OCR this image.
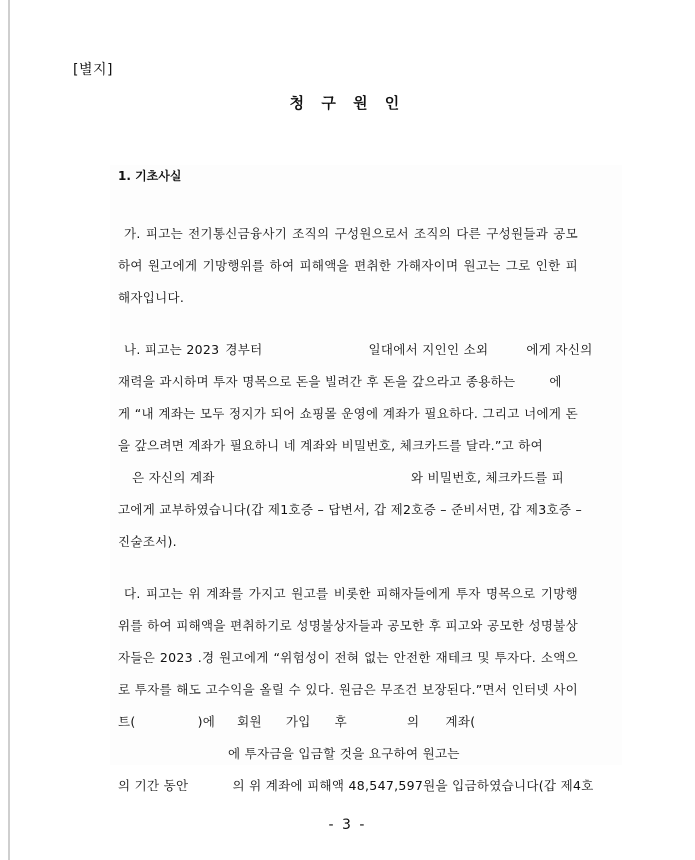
[별지]
청 구 원 인
1. 기초사실
가. 피고는 전기통신금융사기 조직의 구성원으로서 조직의 다른 구성원들과 공모
하여 원고에게 기망행위를 하여 피해액을 편취한 가해자이며 원고는 그로 인한 피
해자입니다.
나. 피고는 2023 경부터	일대에서 지인인 소외	에게 자신의
재력을 과시하며 투자 명목으로 돈을 빌려간 후 돈을 갚으라고 종용하는	에
게 “내 계좌는 모두 정지가 되어 쇼핑몰 운영에 계좌가 필요하다. 그리고 너에게 돈
을 갚으려면 계좌가 필요하니 네 계좌와 비밀번호, 체크카드를 달라.”고 하여
은 자신의 계좌	와 비밀번호, 체크카드를 피
고에게 교부하였습니다(갑 제1호증 – 답변서, 갑 제2호증 – 준비서면, 갑 제3호증 –
진술조서).
다. 피고는 위 계좌를 가지고 원고를 비롯한 피해자들에게 투자 명목으로 기망행
위를 하여 피해액을 편취하기로 성명불상자들과 공모한 후 피고와 공모한 성명불상
자들은 2023 .경 원고에게 “위험성이 전혀 없는 안전한 재테크 및 투자다. 소액으
로 투자를 해도 고수익을 올릴 수 있다. 원금은 무조건 보장된다.”면서 인터넷 사이
트(	)에 회원 가입 후	의 계좌(
에 투자금을 입금할 것을 요구하여 원고는
의 기간 동안	의 위 계좌에 피해액 48,547,597원을 입금하였습니다(갑 제4호
- 3 -
